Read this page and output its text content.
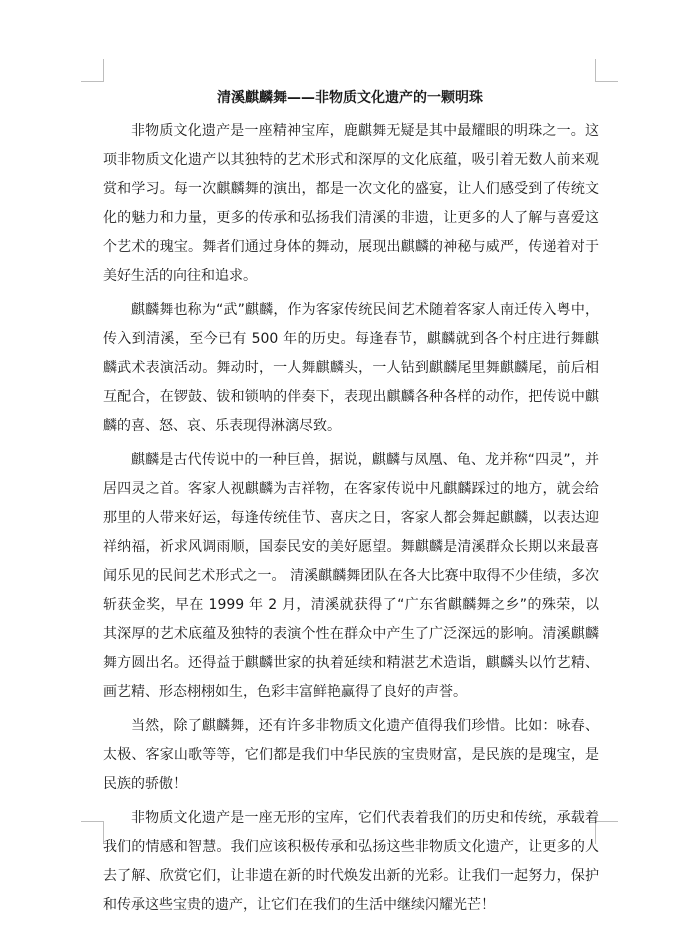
清溪麒麟舞——非物质文化遗产的一颗明珠

非物质文化遗产是一座精神宝库，鹿麒舞无疑是其中最耀眼的明珠之一。这项非物质文化遗产以其独特的艺术形式和深厚的文化底蕴，吸引着无数人前来观赏和学习。每一次麒麟舞的演出，都是一次文化的盛宴，让人们感受到了传统文化的魅力和力量，更多的传承和弘扬我们清溪的非遗，让更多的人了解与喜爱这个艺术的瑰宝。舞者们通过身体的舞动，展现出麒麟的神秘与威严，传递着对于美好生活的向往和追求。

麒麟舞也称为“武”麒麟，作为客家传统民间艺术随着客家人南迁传入粤中，传入到清溪，至今已有 500 年的历史。每逢春节，麒麟就到各个村庄进行舞麒麟武术表演活动。舞动时，一人舞麒麟头，一人钻到麒麟尾里舞麒麟尾，前后相互配合，在锣鼓、钹和锁呐的伴奏下，表现出麒麟各种各样的动作，把传说中麒麟的喜、怒、哀、乐表现得淋漓尽致。

麒麟是古代传说中的一种巨兽，据说，麒麟与凤凰、龟、龙并称“四灵”，并居四灵之首。客家人视麒麟为吉祥物，在客家传说中凡麒麟踩过的地方，就会给那里的人带来好运，每逢传统佳节、喜庆之日，客家人都会舞起麒麟，以表达迎祥纳福，祈求风调雨顺，国泰民安的美好愿望。舞麒麟是清溪群众长期以来最喜闻乐见的民间艺术形式之一。 清溪麒麟舞团队在各大比赛中取得不少佳绩，多次斩获金奖，早在 1999 年 2 月，清溪就获得了“广东省麒麟舞之乡”的殊荣，以其深厚的艺术底蕴及独特的表演个性在群众中产生了广泛深远的影响。清溪麒麟舞方圆出名。还得益于麒麟世家的执着延续和精湛艺术造诣，麒麟头以竹艺精、画艺精、形态栩栩如生，色彩丰富鲜艳赢得了良好的声誉。

当然，除了麒麟舞，还有许多非物质文化遗产值得我们珍惜。比如：咏春、太极、客家山歌等等，它们都是我们中华民族的宝贵财富，是民族的是瑰宝，是民族的骄傲！

非物质文化遗产是一座无形的宝库，它们代表着我们的历史和传统，承载着我们的情感和智慧。我们应该积极传承和弘扬这些非物质文化遗产，让更多的人去了解、欣赏它们，让非遗在新的时代焕发出新的光彩。让我们一起努力，保护和传承这些宝贵的遗产，让它们在我们的生活中继续闪耀光芒！
